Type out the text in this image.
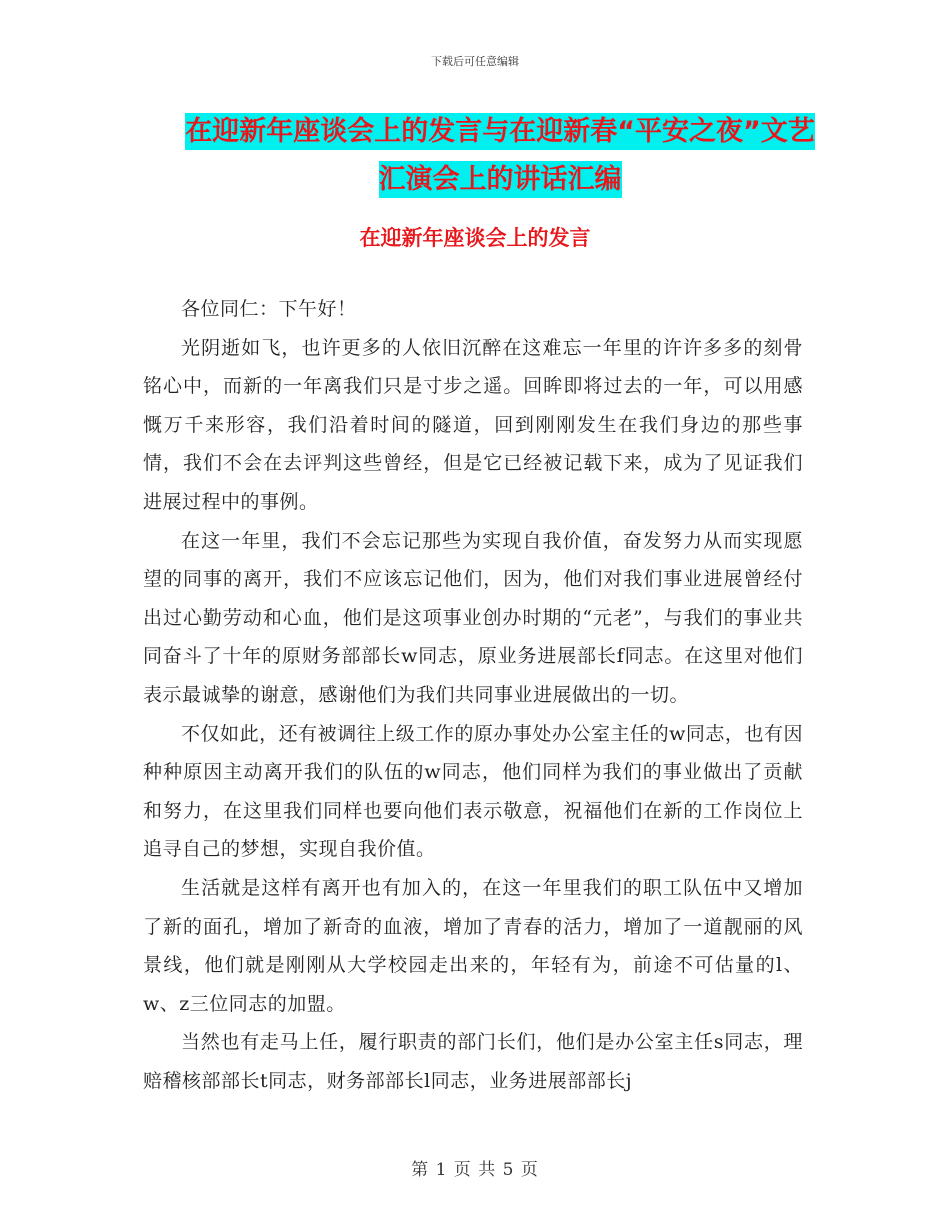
下载后可任意编辑
在迎新年座谈会上的发言与在迎新春“平安之夜”文艺汇演会上的讲话汇编
在迎新年座谈会上的发言

各位同仁：下午好！

光阴逝如飞，也许更多的人依旧沉醉在这难忘一年里的许许多多的刻骨铭心中，而新的一年离我们只是寸步之遥。回眸即将过去的一年，可以用感慨万千来形容，我们沿着时间的隧道，回到刚刚发生在我们身边的那些事情，我们不会在去评判这些曾经，但是它已经被记载下来，成为了见证我们进展过程中的事例。

在这一年里，我们不会忘记那些为实现自我价值，奋发努力从而实现愿望的同事的离开，我们不应该忘记他们，因为，他们对我们事业进展曾经付出过心勤劳动和心血，他们是这项事业创办时期的“元老”，与我们的事业共同奋斗了十年的原财务部部长w同志，原业务进展部长f同志。在这里对他们表示最诚挚的谢意，感谢他们为我们共同事业进展做出的一切。

不仅如此，还有被调往上级工作的原办事处办公室主任的w同志，也有因种种原因主动离开我们的队伍的w同志，他们同样为我们的事业做出了贡献和努力，在这里我们同样也要向他们表示敬意，祝福他们在新的工作岗位上追寻自己的梦想，实现自我价值。

生活就是这样有离开也有加入的，在这一年里我们的职工队伍中又增加了新的面孔，增加了新奇的血液，增加了青春的活力，增加了一道靓丽的风景线，他们就是刚刚从大学校园走出来的，年轻有为，前途不可估量的l、w、z三位同志的加盟。

当然也有走马上任，履行职责的部门长们，他们是办公室主任s同志，理赔稽核部部长t同志，财务部部长l同志，业务进展部部长j

第 1 页 共 5 页
